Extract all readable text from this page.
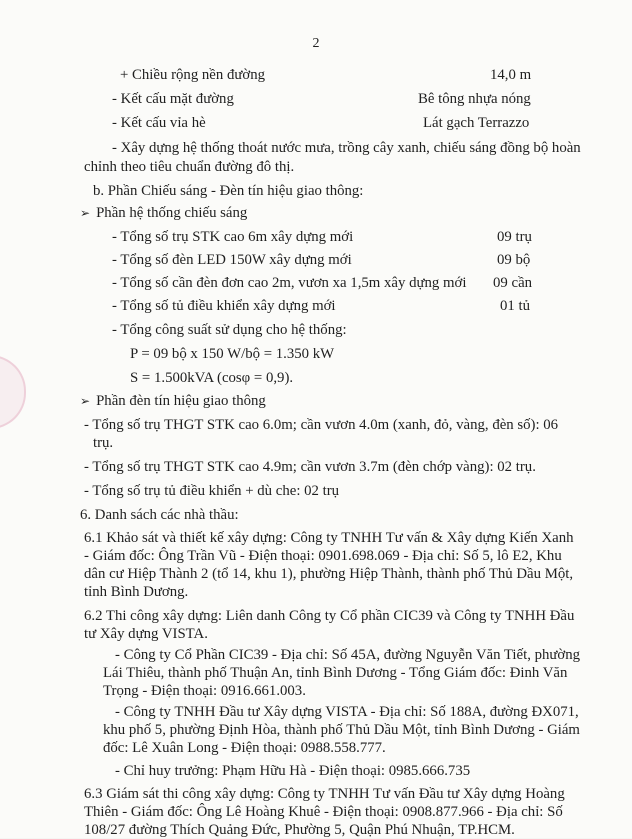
2
+ Chiều rộng nền đường	14,0 m
- Kết cấu mặt đường	Bê tông nhựa nóng
- Kết cấu vỉa hè	Lát gạch Terrazzo
- Xây dựng hệ thống thoát nước mưa, trồng cây xanh, chiếu sáng đồng bộ hoàn
chỉnh theo tiêu chuẩn đường đô thị.
b. Phần Chiếu sáng - Đèn tín hiệu giao thông:
➢ Phần hệ thống chiếu sáng
- Tổng số trụ STK cao 6m xây dựng mới	09 trụ
- Tổng số đèn LED 150W xây dựng mới	09 bộ
- Tổng số cần đèn đơn cao 2m, vươn xa 1,5m xây dựng mới 09 cần
- Tổng số tủ điều khiển xây dựng mới	01 tủ
- Tổng công suất sử dụng cho hệ thống:
P = 09 bộ x 150 W/bộ = 1.350 kW
S = 1.500kVA (cosφ = 0,9).
➢ Phần đèn tín hiệu giao thông
- Tổng số trụ THGT STK cao 6.0m; cần vươn 4.0m (xanh, đỏ, vàng, đèn số): 06
trụ.
- Tổng số trụ THGT STK cao 4.9m; cần vươn 3.7m (đèn chớp vàng): 02 trụ.
- Tổng số trụ tủ điều khiển + dù che: 02 trụ
6. Danh sách các nhà thầu:
6.1 Khảo sát và thiết kế xây dựng: Công ty TNHH Tư vấn & Xây dựng Kiến Xanh
- Giám đốc: Ông Trần Vũ - Điện thoại: 0901.698.069 - Địa chỉ: Số 5, lô E2, Khu
dân cư Hiệp Thành 2 (tổ 14, khu 1), phường Hiệp Thành, thành phố Thủ Dầu Một,
tỉnh Bình Dương.
6.2 Thi công xây dựng: Liên danh Công ty Cổ phần CIC39 và Công ty TNHH Đầu
tư Xây dựng VISTA.
- Công ty Cổ Phần CIC39 - Địa chỉ: Số 45A, đường Nguyễn Văn Tiết, phường
Lái Thiêu, thành phố Thuận An, tỉnh Bình Dương - Tổng Giám đốc: Đinh Văn
Trọng - Điện thoại: 0916.661.003.
- Công ty TNHH Đầu tư Xây dựng VISTA - Địa chỉ: Số 188A, đường ĐX071,
khu phố 5, phường Định Hòa, thành phố Thủ Dầu Một, tỉnh Bình Dương - Giám
đốc: Lê Xuân Long - Điện thoại: 0988.558.777.
- Chỉ huy trưởng: Phạm Hữu Hà - Điện thoại: 0985.666.735
6.3 Giám sát thi công xây dựng: Công ty TNHH Tư vấn Đầu tư Xây dựng Hoàng
Thiên - Giám đốc: Ông Lê Hoàng Khuê - Điện thoại: 0908.877.966 - Địa chỉ: Số
108/27 đường Thích Quảng Đức, Phường 5, Quận Phú Nhuận, TP.HCM.
